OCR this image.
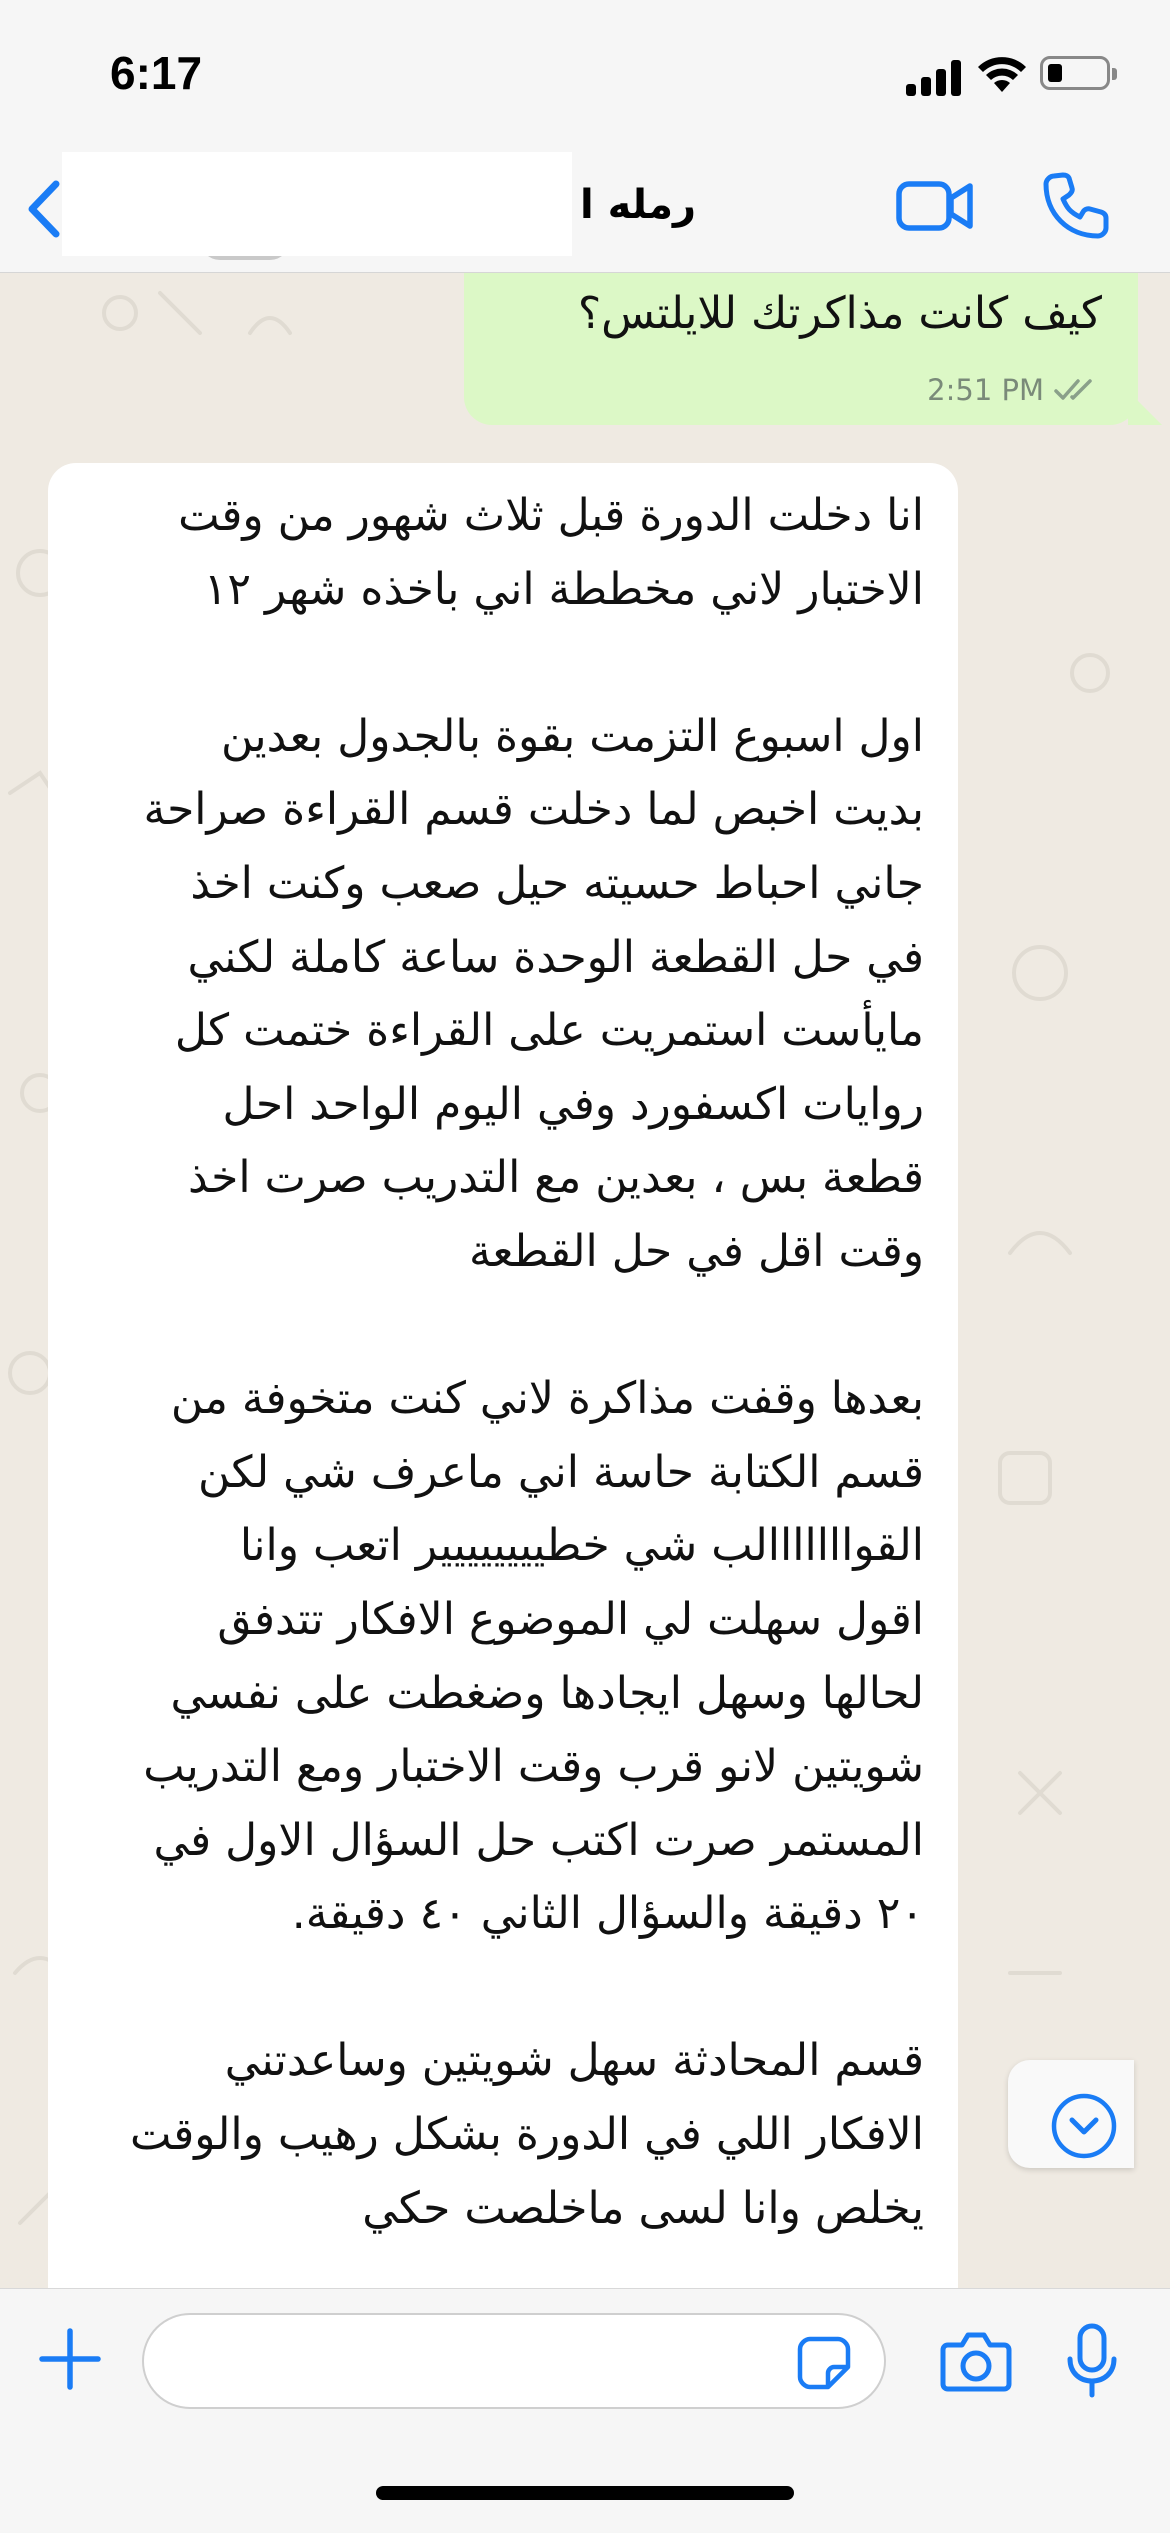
6:17
رمله ا
كيف كانت مذاكرتك للايلتس؟
2:51 PM
انا دخلت الدورة قبل ثلاث شهور من وقت
الاختبار لاني مخططة اني باخذه شهر ١٢

اول اسبوع التزمت بقوة بالجدول بعدين
بديت اخبص لما دخلت قسم القراءة صراحة
جاني احباط حسيته حيل صعب وكنت اخذ
في حل القطعة الوحدة ساعة كاملة لكني
مايأست استمريت على القراءة ختمت كل
روايات اكسفورد وفي اليوم الواحد احل
قطعة بس ، بعدين مع التدريب صرت اخذ
وقت اقل في حل القطعة

بعدها وقفت مذاكرة لاني كنت متخوفة من
قسم الكتابة حاسة اني ماعرف شي لكن
القوااااااالب شي خطيييييييير اتعب وانا
اقول سهلت لي الموضوع الافكار تتدفق
لحالها وسهل ايجادها وضغطت على نفسي
شويتين لانو قرب وقت الاختبار ومع التدريب
المستمر صرت اكتب حل السؤال الاول في
٢٠ دقيقة والسؤال الثاني ٤٠ دقيقة.

قسم المحادثة سهل شويتين وساعدتني
الافكار اللي في الدورة بشكل رهيب والوقت
يخلص وانا لسى ماخلصت حكي
